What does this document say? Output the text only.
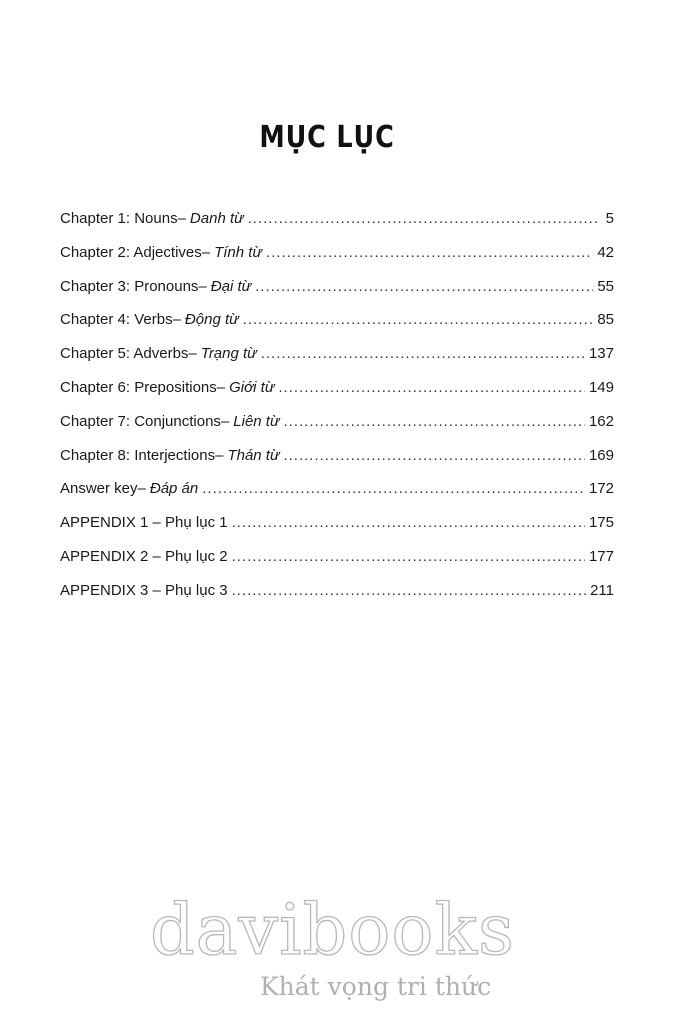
MỤC LỤC
Chapter 1: Nouns – Danh từ .....	5
Chapter 2: Adjectives – Tính từ .....	42
Chapter 3: Pronouns – Đại từ .....	55
Chapter 4: Verbs – Động từ .....	85
Chapter 5: Adverbs – Trạng từ .....	137
Chapter 6: Prepositions – Giới từ .....	149
Chapter 7: Conjunctions – Liên từ .....	162
Chapter 8: Interjections – Thán từ .....	169
Answer key – Đáp án .....	172
APPENDIX 1 – Phụ lục 1 .....	175
APPENDIX 2 – Phụ lục 2 .....	177
APPENDIX 3 – Phụ lục 3 .....	211
davibooks
Khát vọng tri thức
